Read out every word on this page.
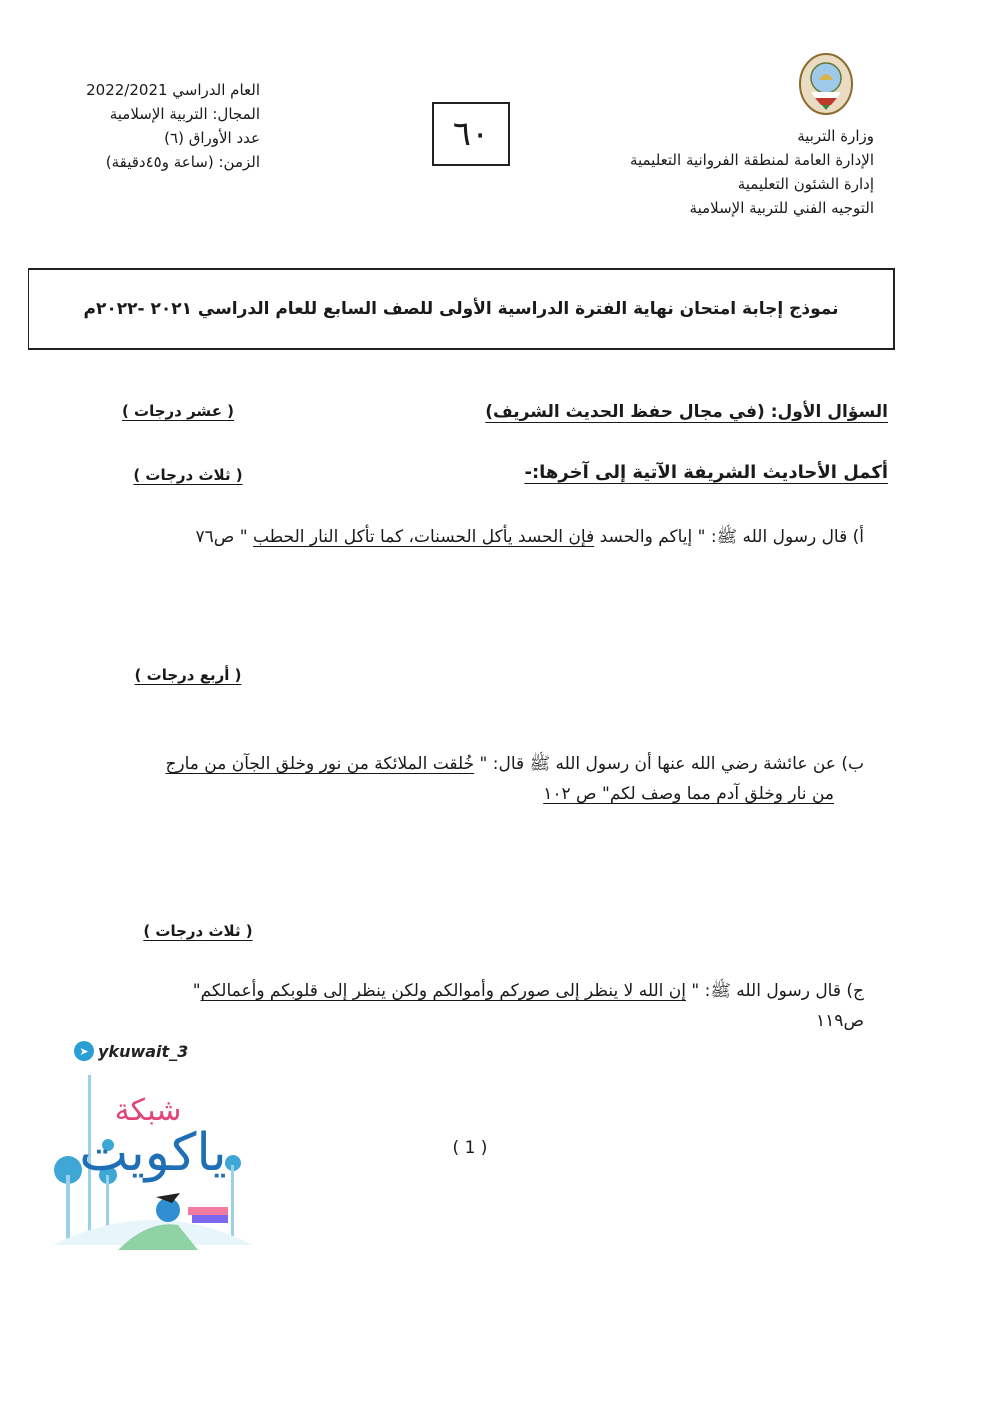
العام الدراسي 2022/2021
المجال: التربية الإسلامية
عدد الأوراق (٦)
الزمن: (ساعة و٤٥دقيقة)
٦٠	وزارة التربية
الإدارة العامة لمنطقة الفروانية التعليمية
إدارة الشئون التعليمية
التوجيه الفني للتربية الإسلامية
نموذج إجابة امتحان نهاية الفترة الدراسية الأولى للصف السابع للعام الدراسي ٢٠٢١ -٢٠٢٢م
السؤال الأول: (في مجال حفظ الحديث الشريف)
( عشر درجات )
أكمل الأحاديث الشريفة الآتية إلى آخرها:-
( ثلاث درجات )
أ) قال رسول الله ﷺ: " إياكم والحسد فإن الحسد يأكل الحسنات، كما تأكل النار الحطب " ص٧٦
( أربع درجات )
ب) عن عائشة رضي الله عنها أن رسول الله ﷺ قال: " خُلقت الملائكة من نور وخلق الجآن من مارج
من نار وخلق آدم مما وصف لكم" ص ١٠٢
( ثلاث درجات )
ج) قال رسول الله ﷺ: " إن الله لا ينظر إلى صوركم وأموالكم ولكن ينظر إلى قلوبكم وأعمالكم"
ص١١٩
➤ ykuwait_3
شبكة
ياكويت	( 1 )
